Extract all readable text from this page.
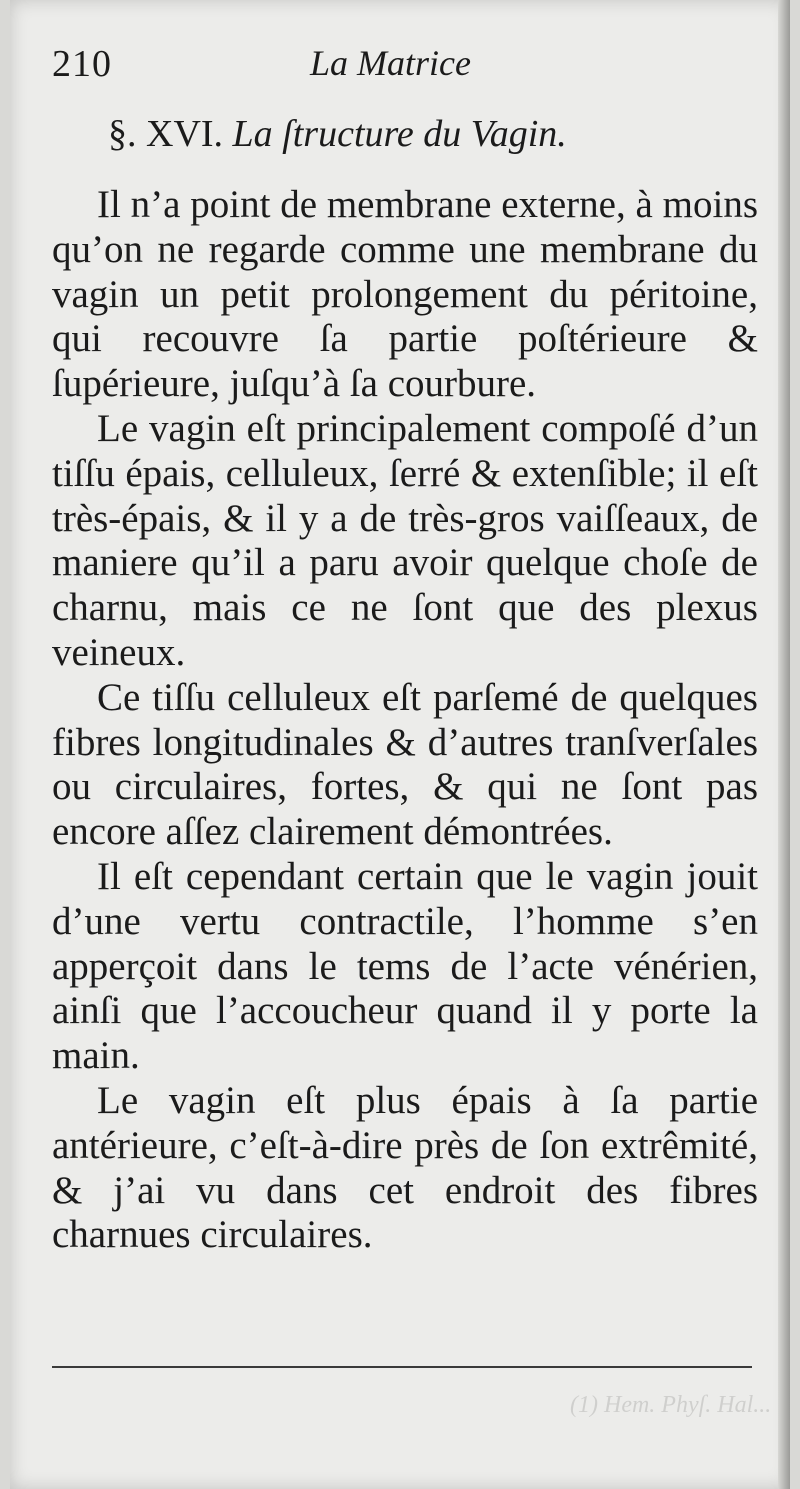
210	La Matrice
§. XVI. La ſtructure du Vagin.

Il n’a point de membrane externe, à moins qu’on ne regarde comme une membrane du vagin un petit prolongement du péritoine, qui recouvre ſa partie poſtérieure & ſupérieure, juſqu’à ſa courbure.

Le vagin eſt principalement compoſé d’un tiſſu épais, celluleux, ſerré & extenſible; il eſt très-épais, & il y a de très-gros vaiſſeaux, de maniere qu’il a paru avoir quelque choſe de charnu, mais ce ne ſont que des plexus veineux.

Ce tiſſu celluleux eſt parſemé de quelques fibres longitudinales & d’autres tranſverſales ou circulaires, fortes, & qui ne ſont pas encore aſſez clairement démontrées.

Il eſt cependant certain que le vagin jouit d’une vertu contractile, l’homme s’en apperçoit dans le tems de l’acte vénérien, ainſi que l’accoucheur quand il y porte la main.

Le vagin eſt plus épais à ſa partie antérieure, c’eſt-à-dire près de ſon extrêmité, & j’ai vu dans cet endroit des fibres charnues circulaires.

(1) Hem. Phyſ. Hal...
